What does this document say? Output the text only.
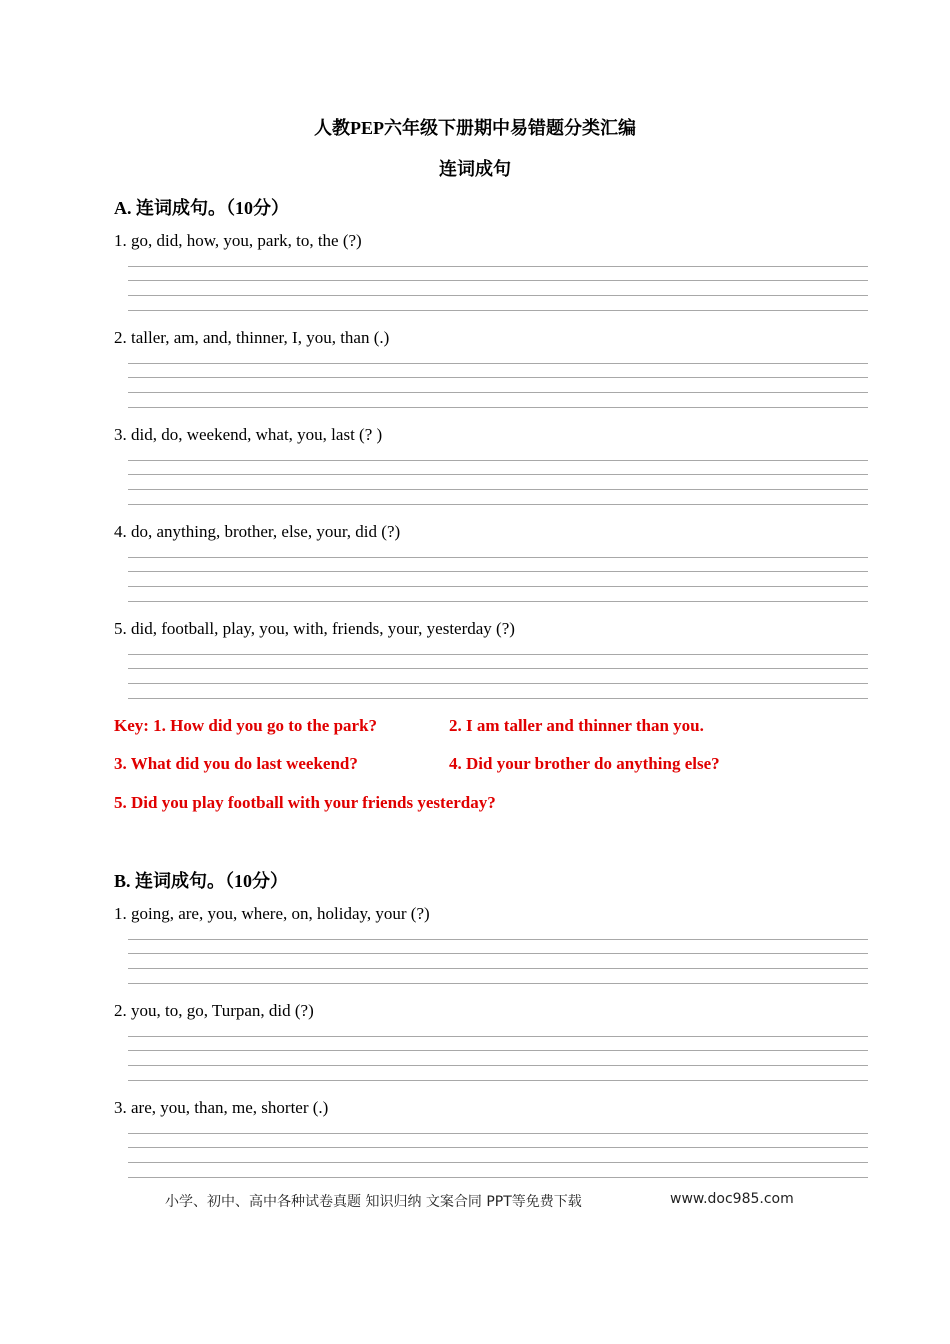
人教PEP六年级下册期中易错题分类汇编
连词成句
A. 连词成句。（10分）
1. go, did, how, you, park, to, the (?)
2. taller, am, and, thinner, I, you, than (.)
3. did, do, weekend, what, you, last (? )
4. do, anything, brother, else, your, did (?)
5. did, football, play, you, with, friends, your, yesterday (?)
Key: 1. How did you go to the park?	2. I am taller and thinner than you.
3. What did you do last weekend?	4. Did your brother do anything else?
5. Did you play football with your friends yesterday?
B. 连词成句。（10分）
1. going, are, you, where, on, holiday, your (?)
2. you, to, go, Turpan, did (?)
3. are, you, than, me, shorter (.)
小学、初中、高中各种试卷真题 知识归纳 文案合同 PPT等免费下载	www.doc985.com
